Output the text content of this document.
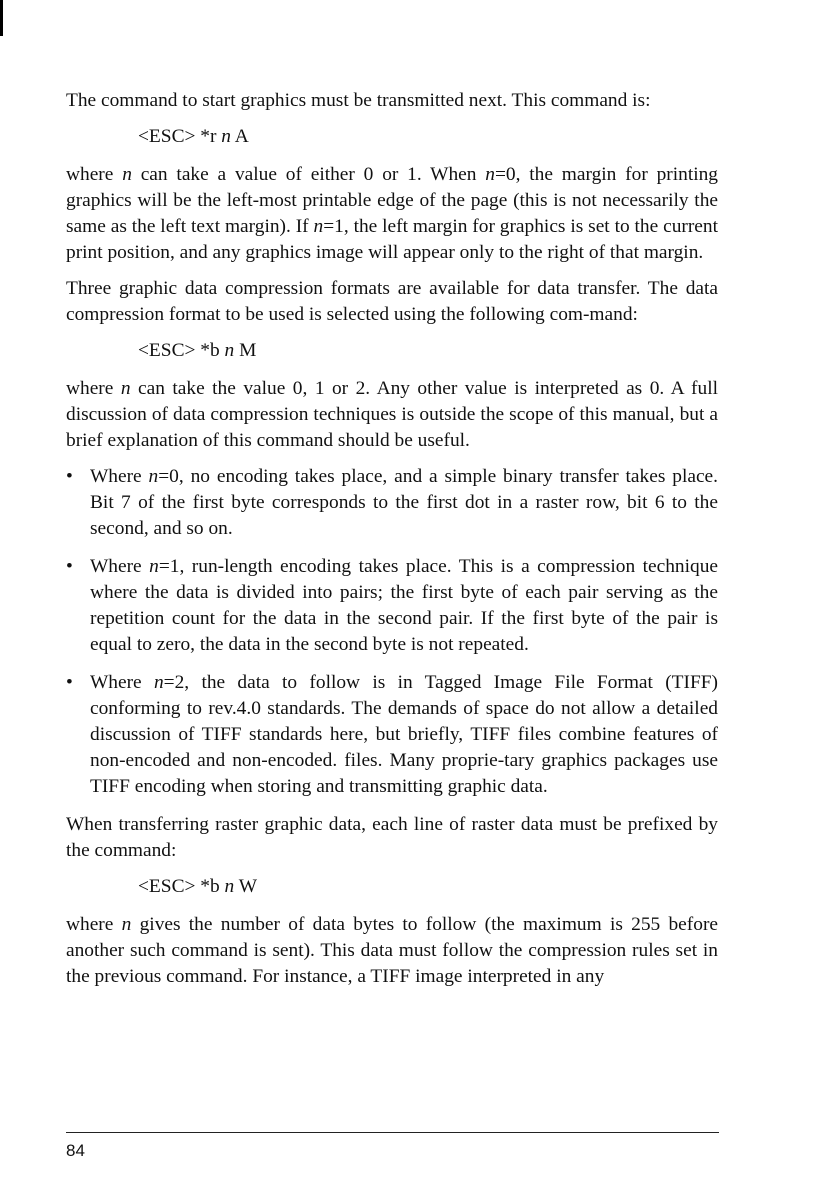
The command to start graphics must be transmitted next. This command is:

<ESC> *r n A

where n can take a value of either 0 or 1. When n=0, the margin for printing graphics will be the left-most printable edge of the page (this is not necessarily the same as the left text margin). If n=1, the left margin for graphics is set to the current print position, and any graphics image will appear only to the right of that margin.

Three graphic data compression formats are available for data transfer. The data compression format to be used is selected using the following com-mand:

<ESC> *b n M

where n can take the value 0, 1 or 2. Any other value is interpreted as 0. A full discussion of data compression techniques is outside the scope of this manual, but a brief explanation of this command should be useful.

• Where n=0, no encoding takes place, and a simple binary transfer takes place. Bit 7 of the first byte corresponds to the first dot in a raster row, bit 6 to the second, and so on.
• Where n=1, run-length encoding takes place. This is a compression technique where the data is divided into pairs; the first byte of each pair serving as the repetition count for the data in the second pair. If the first byte of the pair is equal to zero, the data in the second byte is not repeated.
• Where n=2, the data to follow is in Tagged Image File Format (TIFF) conforming to rev.4.0 standards. The demands of space do not allow a detailed discussion of TIFF standards here, but briefly, TIFF files combine features of non-encoded and non-encoded. files. Many proprie-tary graphics packages use TIFF encoding when storing and transmitting graphic data.

When transferring raster graphic data, each line of raster data must be prefixed by the command:

<ESC> *b n W

where n gives the number of data bytes to follow (the maximum is 255 before another such command is sent). This data must follow the compression rules set in the previous command. For instance, a TIFF image interpreted in any

84
